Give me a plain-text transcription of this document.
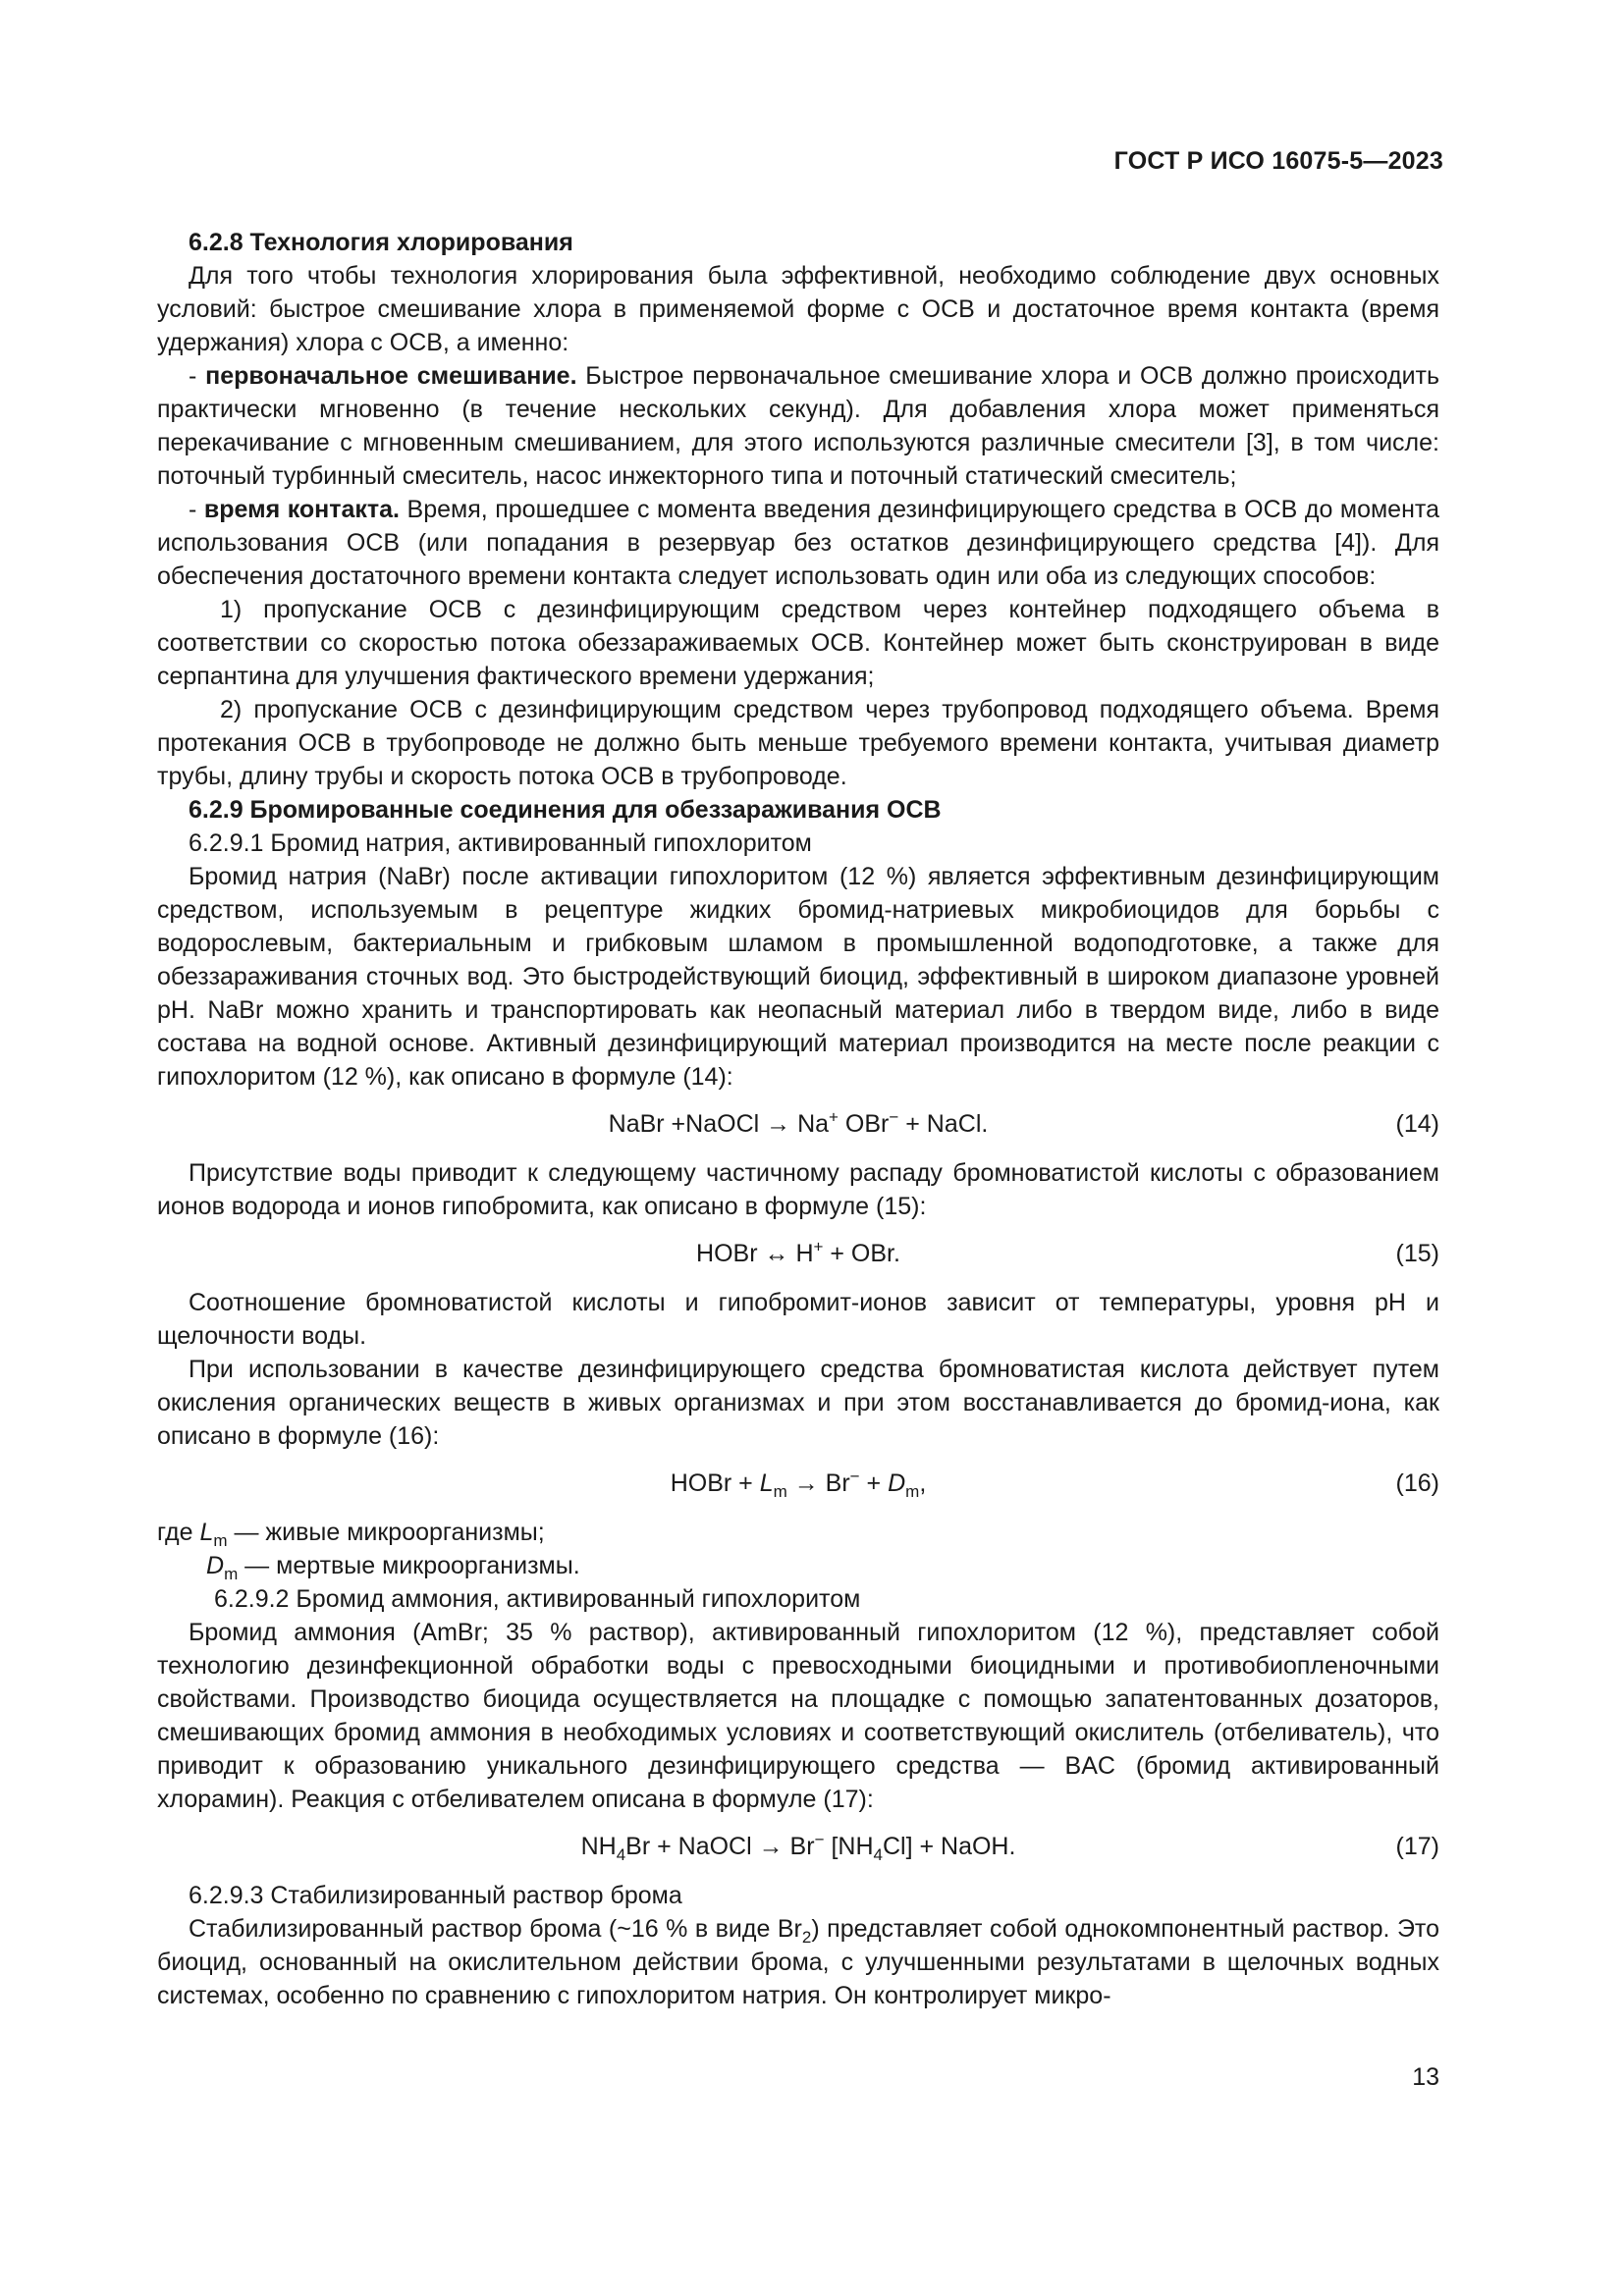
ГОСТ Р ИСО 16075-5—2023

6.2.8 Технология хлорирования

Для того чтобы технология хлорирования была эффективной, необходимо соблюдение двух основных условий: быстрое смешивание хлора в применяемой форме с ОСВ и достаточное время контакта (время удержания) хлора с ОСВ, а именно:

- первоначальное смешивание. Быстрое первоначальное смешивание хлора и ОСВ должно происходить практически мгновенно (в течение нескольких секунд). Для добавления хлора может применяться перекачивание с мгновенным смешиванием, для этого используются различные смесители [3], в том числе: поточный турбинный смеситель, насос инжекторного типа и поточный статический смеситель;

- время контакта. Время, прошедшее с момента введения дезинфицирующего средства в ОСВ до момента использования ОСВ (или попадания в резервуар без остатков дезинфицирующего средства [4]). Для обеспечения достаточного времени контакта следует использовать один или оба из следующих способов:

1) пропускание ОСВ с дезинфицирующим средством через контейнер подходящего объема в соответствии со скоростью потока обеззараживаемых ОСВ. Контейнер может быть сконструирован в виде серпантина для улучшения фактического времени удержания;

2) пропускание ОСВ с дезинфицирующим средством через трубопровод подходящего объема. Время протекания ОСВ в трубопроводе не должно быть меньше требуемого времени контакта, учитывая диаметр трубы, длину трубы и скорость потока ОСВ в трубопроводе.

6.2.9 Бромированные соединения для обеззараживания ОСВ

6.2.9.1 Бромид натрия, активированный гипохлоритом

Бромид натрия (NaBr) после активации гипохлоритом (12 %) является эффективным дезинфицирующим средством, используемым в рецептуре жидких бромид-натриевых микробиоцидов для борьбы с водорослевым, бактериальным и грибковым шламом в промышленной водоподготовке, а также для обеззараживания сточных вод. Это быстродействующий биоцид, эффективный в широком диапазоне уровней pH. NaBr можно хранить и транспортировать как неопасный материал либо в твердом виде, либо в виде состава на водной основе. Активный дезинфицирующий материал производится на месте после реакции с гипохлоритом (12 %), как описано в формуле (14):

NaBr +NaOCl → Na+ OBr− + NaCl.	(14)

Присутствие воды приводит к следующему частичному распаду бромноватистой кислоты с образованием ионов водорода и ионов гипобромита, как описано в формуле (15):

HOBr ↔ H+ + OBr.	(15)

Соотношение бромноватистой кислоты и гипобромит-ионов зависит от температуры, уровня pH и щелочности воды.

При использовании в качестве дезинфицирующего средства бромноватистая кислота действует путем окисления органических веществ в живых организмах и при этом восстанавливается до бромид-иона, как описано в формуле (16):

HOBr + $L_m \to Br^- + D_m$,	(16)

где $L_m$ — живые микроорганизмы;

$D_m$ — мертвые микроорганизмы.

6.2.9.2 Бромид аммония, активированный гипохлоритом

Бромид аммония (AmBr; 35 % раствор), активированный гипохлоритом (12 %), представляет собой технологию дезинфекционной обработки воды с превосходными биоцидными и противобиопленочными свойствами. Производство биоцида осуществляется на площадке с помощью запатентованных дозаторов, смешивающих бромид аммония в необходимых условиях и соответствующий окислитель (отбеливатель), что приводит к образованию уникального дезинфицирующего средства — BAC (бромид активированный хлорамин). Реакция с отбеливателем описана в формуле (17):

$NH_4Br$ + NaOCl → Br− $[NH_4Cl]$ + NaOH.	(17)

6.2.9.3 Стабилизированный раствор брома

Стабилизированный раствор брома (~16 % в виде $Br_2$) представляет собой однокомпонентный раствор. Это биоцид, основанный на окислительном действии брома, с улучшенными результатами в щелочных водных системах, особенно по сравнению с гипохлоритом натрия. Он контролирует микро-

13
